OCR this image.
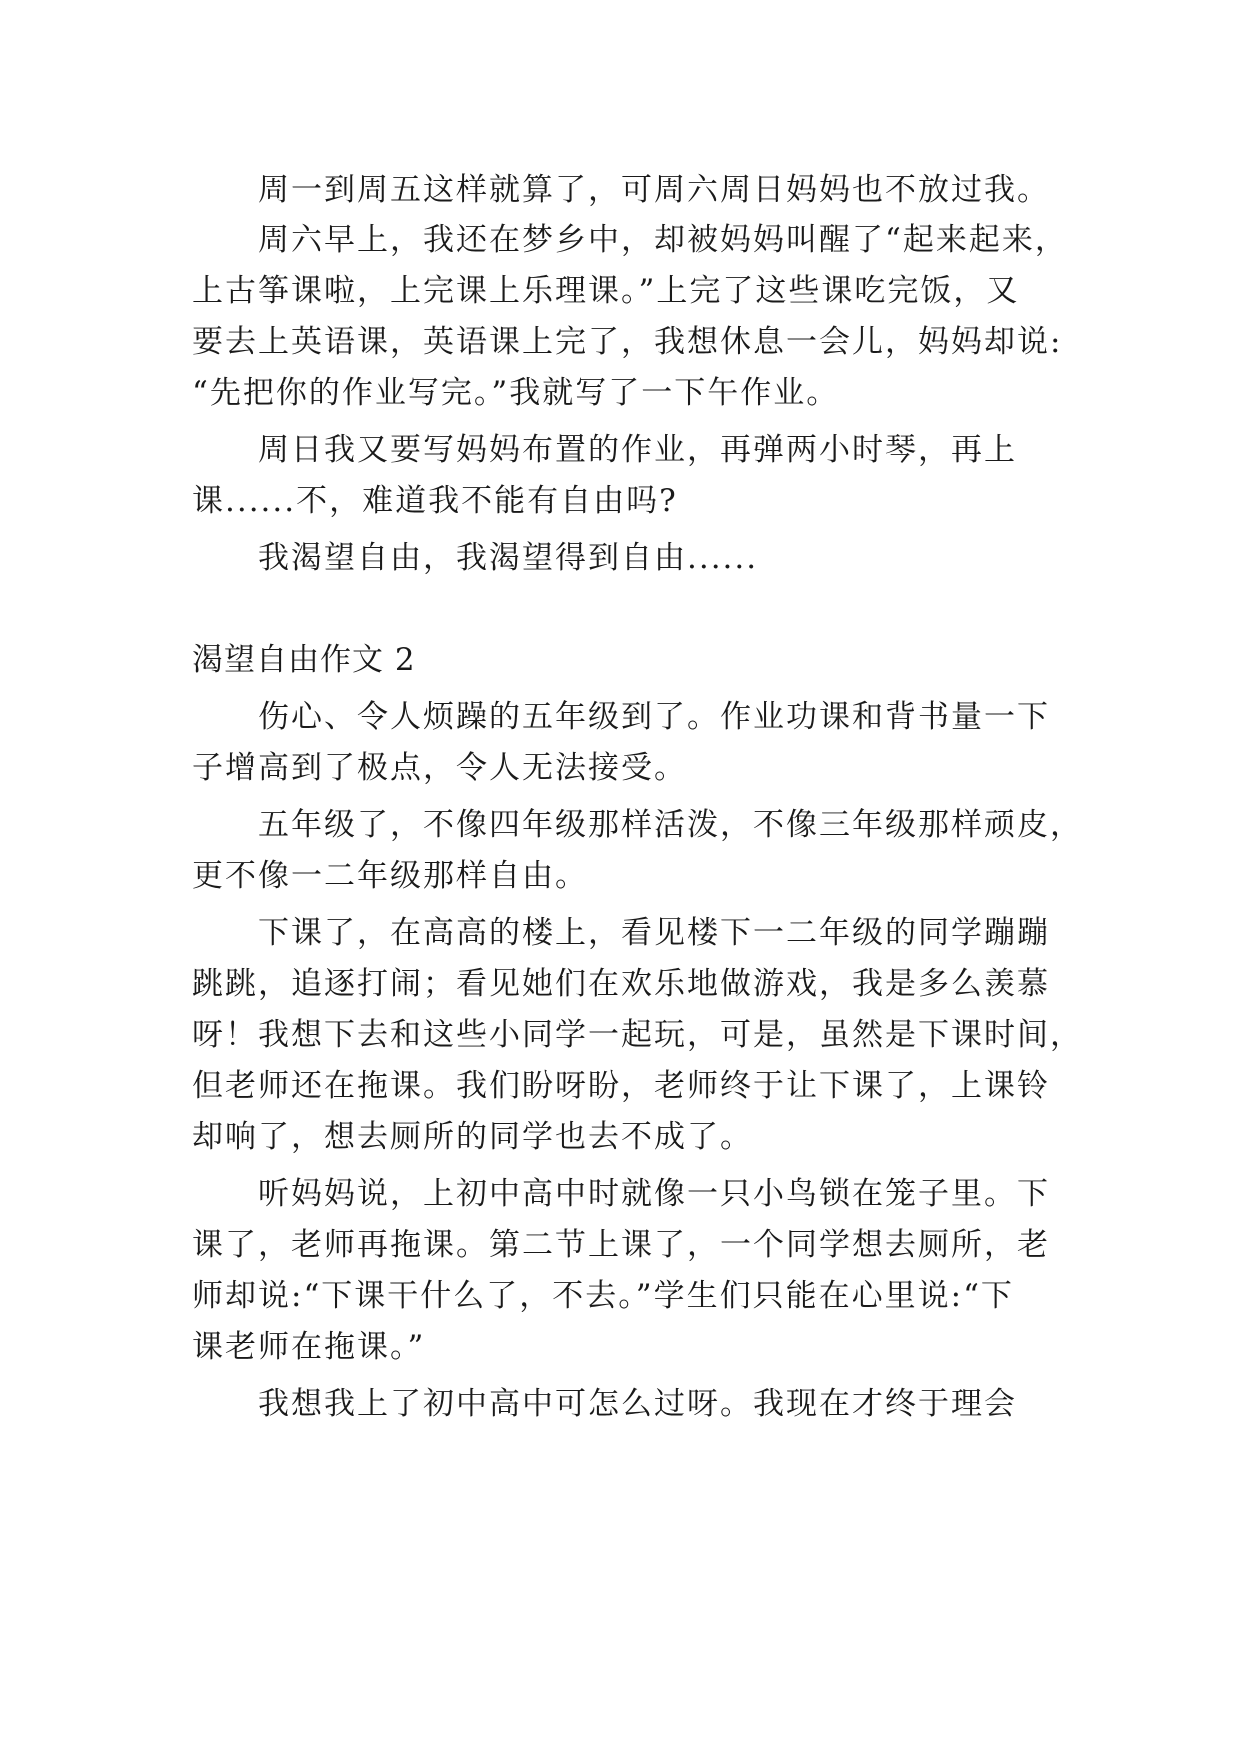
周一到周五这样就算了，可周六周日妈妈也不放过我。
周六早上，我还在梦乡中，却被妈妈叫醒了“起来起来，
上古筝课啦，上完课上乐理课。”上完了这些课吃完饭，又
要去上英语课，英语课上完了，我想休息一会儿，妈妈却说:
“先把你的作业写完。”我就写了一下午作业。
周日我又要写妈妈布置的作业，再弹两小时琴，再上
课......不，难道我不能有自由吗?
我渴望自由，我渴望得到自由......
渴望自由作文 2
伤心、令人烦躁的五年级到了。作业功课和背书量一下
子增高到了极点，令人无法接受。
五年级了，不像四年级那样活泼，不像三年级那样顽皮，
更不像一二年级那样自由。
下课了，在高高的楼上，看见楼下一二年级的同学蹦蹦
跳跳，追逐打闹；看见她们在欢乐地做游戏，我是多么羡慕
呀！我想下去和这些小同学一起玩，可是，虽然是下课时间，
但老师还在拖课。我们盼呀盼，老师终于让下课了，上课铃
却响了，想去厕所的同学也去不成了。
听妈妈说，上初中高中时就像一只小鸟锁在笼子里。下
课了，老师再拖课。第二节上课了，一个同学想去厕所，老
师却说:“下课干什么了，不去。”学生们只能在心里说:“下
课老师在拖课。”
我想我上了初中高中可怎么过呀。我现在才终于理会
